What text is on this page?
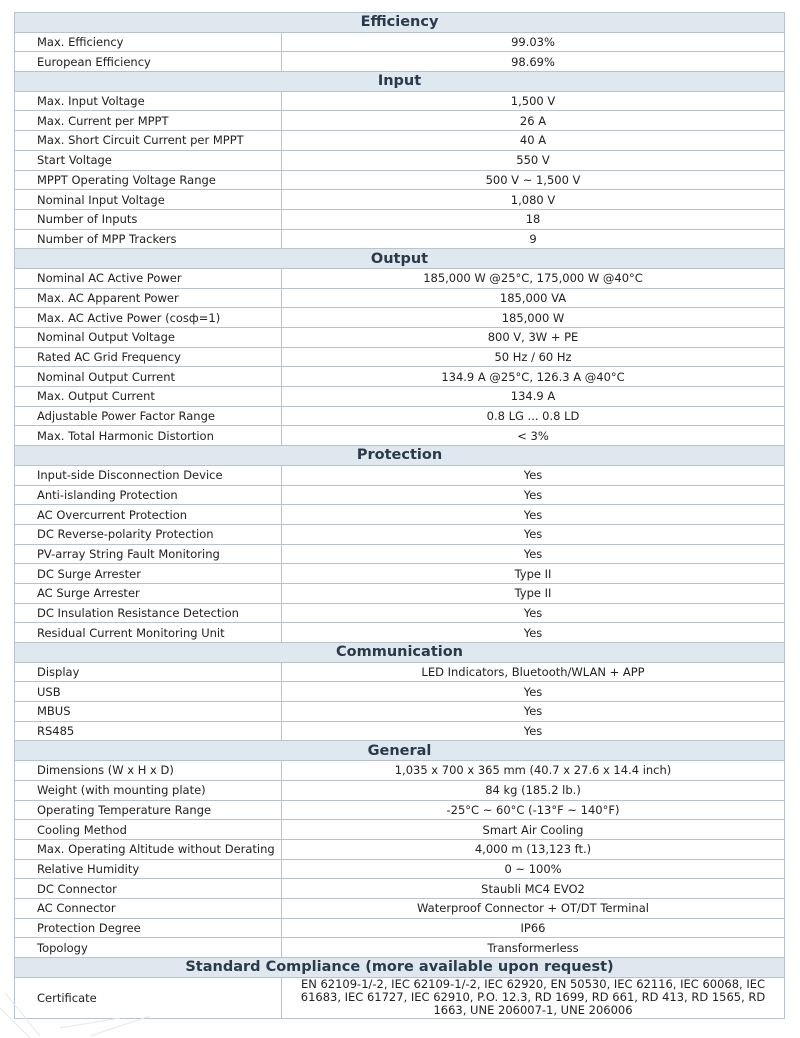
Efficiency	
Max. Efficiency	99.03%
European Efficiency	98.69%
Input	
Max. Input Voltage	1,500 V
Max. Current per MPPT	26 A
Max. Short Circuit Current per MPPT	40 A
Start Voltage	550 V
MPPT Operating Voltage Range	500 V ~ 1,500 V
Nominal Input Voltage	1,080 V
Number of Inputs	18
Number of MPP Trackers	9
Output	
Nominal AC Active Power	185,000 W @25°C, 175,000 W @40°C
Max. AC Apparent Power	185,000 VA
Max. AC Active Power (cosф=1)	185,000 W
Nominal Output Voltage	800 V, 3W + PE
Rated AC Grid Frequency	50 Hz / 60 Hz
Nominal Output Current	134.9 A @25°C, 126.3 A @40°C
Max. Output Current	134.9 A
Adjustable Power Factor Range	0.8 LG ... 0.8 LD
Max. Total Harmonic Distortion	< 3%
Protection	
Input-side Disconnection Device	Yes
Anti-islanding Protection	Yes
AC Overcurrent Protection	Yes
DC Reverse-polarity Protection	Yes
PV-array String Fault Monitoring	Yes
DC Surge Arrester	Type II
AC Surge Arrester	Type II
DC Insulation Resistance Detection	Yes
Residual Current Monitoring Unit	Yes
Communication	
Display	LED Indicators, Bluetooth/WLAN + APP
USB	Yes
MBUS	Yes
RS485	Yes
General	
Dimensions (W x H x D)	1,035 x 700 x 365 mm (40.7 x 27.6 x 14.4 inch)
Weight (with mounting plate)	84 kg (185.2 lb.)
Operating Temperature Range	-25°C ~ 60°C (-13°F ~ 140°F)
Cooling Method	Smart Air Cooling
Max. Operating Altitude without Derating	4,000 m (13,123 ft.)
Relative Humidity	0 ~ 100%
DC Connector	Staubli MC4 EVO2
AC Connector	Waterproof Connector + OT/DT Terminal
Protection Degree	IP66
Topology	Transformerless
Standard Compliance (more available upon request)	
Certificate	EN 62109-1/-2, IEC 62109-1/-2, IEC 62920, EN 50530, IEC 62116, IEC 60068, IEC 61683, IEC 61727, IEC 62910, P.O. 12.3, RD 1699, RD 661, RD 413, RD 1565, RD 1663, UNE 206007-1, UNE 206006
